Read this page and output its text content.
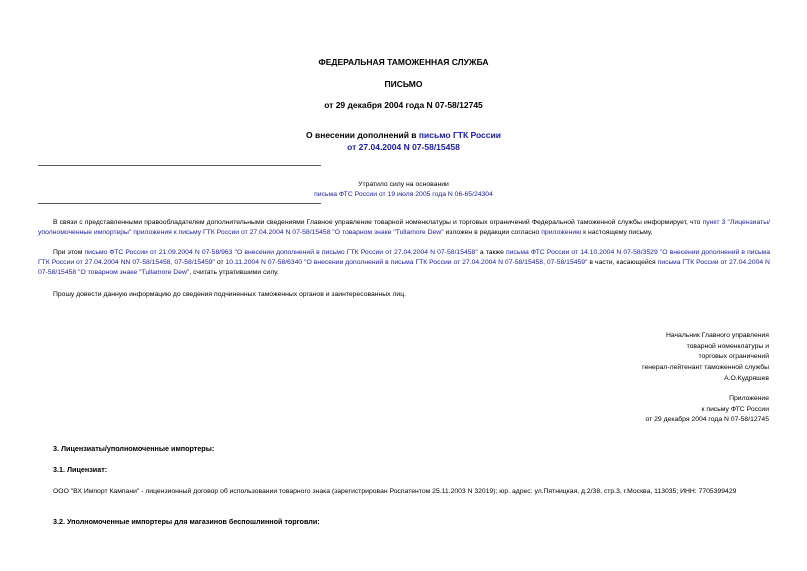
ФЕДЕРАЛЬНАЯ ТАМОЖЕННАЯ СЛУЖБА
ПИСЬМО
от 29 декабря 2004 года N 07-58/12745
О внесении дополнений в письмо ГТК России
от 27.04.2004 N 07-58/15458
Утратило силу на основании
письма ФТС России от 19 июля 2005 года N 06-65/24304
В связи с представленными правообладателем дополнительными сведениями Главное управление товарной номенклатуры и торговых ограничений Федеральной таможенной службы информирует, что пункт 3 "Лицензиаты/уполномоченные импортеры" приложения к письму ГТК России от 27.04.2004 N 07-58/15458 "О товарном знаке "Tullamore Dew" изложен в редакции согласно приложению к настоящему письму.
При этом письмо ФТС России от 21.09.2004 N 07-58/963 "О внесении дополнений в письмо ГТК России от 27.04.2004 N 07-58/15458" а также письма ФТС России от 14.10.2004 N 07-58/3529 "О внесении дополнений в письма ГТК России от 27.04.2004 NN 07-58/15458, 07-58/15459" от 10.11.2004 N 07-58/6340 "О внесении дополнений в письма ГТК России от 27.04.2004 N 07-58/15458, 07-58/15459" в части, касающейся письма ГТК России от 27.04.2004 N 07-58/15458 "О товарном знаке "Tullamore Dew", считать утратившими силу.
Прошу довести данную информацию до сведения подчиненных таможенных органов и заинтересованных лиц.
Начальник Главного управления
товарной номенклатуры и
торговых ограничений
генерал-лейтенант таможенной службы
А.О.Кудряшев
Приложение
к письму ФТС России
от 29 декабря 2004 года N 07-58/12745
3. Лицензиаты/уполномоченные импортеры:
3.1. Лицензиат:
ООО "ВХ Импорт Кампани" - лицензионный договор об использовании товарного знака (зарегистрирован Роспатентом 25.11.2003 N 32019); юр. адрес: ул.Пятницкая, д.2/38, стр.3, г.Москва, 113035; ИНН: 7705399429
3.2. Уполномоченные импортеры для магазинов беспошлинной торговли:
